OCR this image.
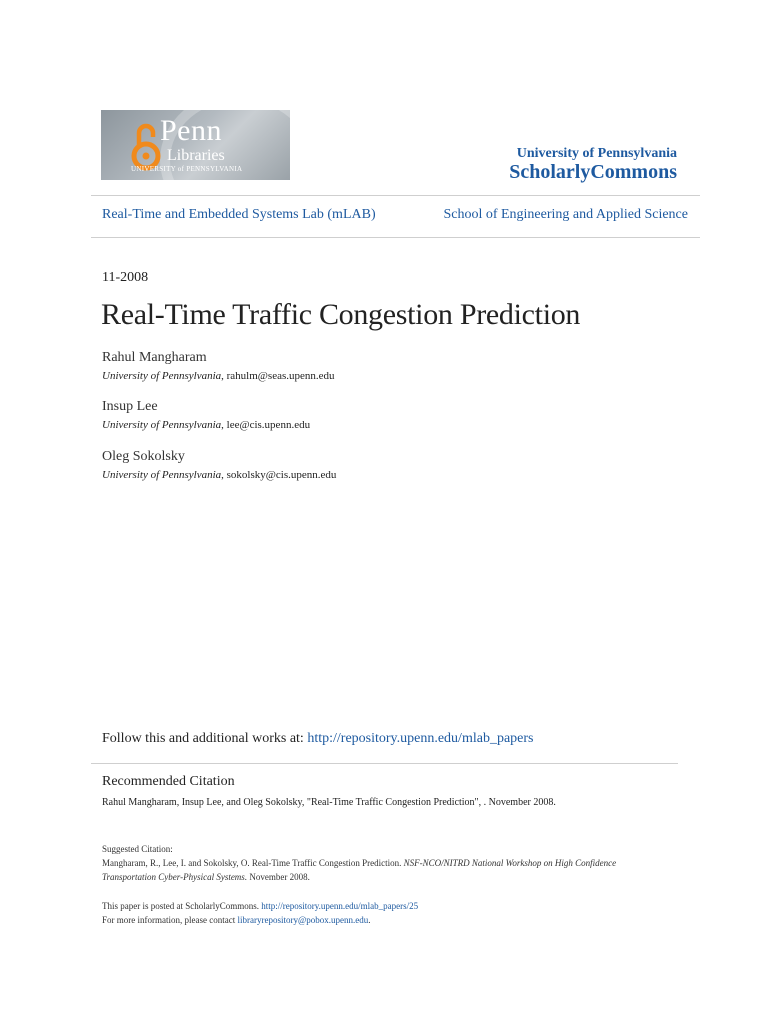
Penn
Libraries
UNIVERSITY of PENNSYLVANIA
University of Pennsylvania
ScholarlyCommons
Real-Time and Embedded Systems Lab (mLAB)	School of Engineering and Applied Science
11-2008
Real-Time Traffic Congestion Prediction
Rahul Mangharam
University of Pennsylvania, rahulm@seas.upenn.edu
Insup Lee
University of Pennsylvania, lee@cis.upenn.edu
Oleg Sokolsky
University of Pennsylvania, sokolsky@cis.upenn.edu
Follow this and additional works at: http://repository.upenn.edu/mlab_papers
Recommended Citation
Rahul Mangharam, Insup Lee, and Oleg Sokolsky, "Real-Time Traffic Congestion Prediction", . November 2008.
Suggested Citation:
Mangharam, R., Lee, I. and Sokolsky, O. Real-Time Traffic Congestion Prediction. NSF-NCO/NITRD National Workshop on High Confidence
Transportation Cyber-Physical Systems. November 2008.
This paper is posted at ScholarlyCommons. http://repository.upenn.edu/mlab_papers/25
For more information, please contact libraryrepository@pobox.upenn.edu.
